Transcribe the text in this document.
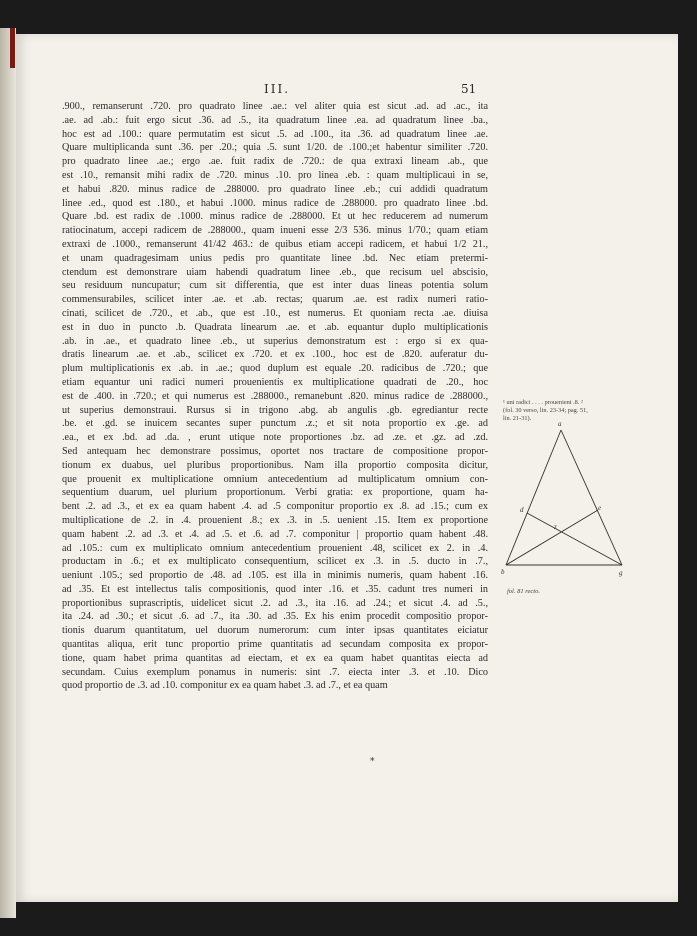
III.	51
.900., remanserunt .720. pro quadrato linee .ae.: vel aliter quia est sicut .ad. ad .ac., ita
.ae. ad .ab.: fuit ergo sicut .36. ad .5., ita quadratum linee .ea. ad quadratum linee .ba.,
hoc est ad .100.: quare permutatim est sicut .5. ad .100., ita .36. ad quadratum linee .ae.
Quare multiplicanda sunt .36. per .20.; quia .5. sunt 1/20. de .100.;et habentur similiter .720.
pro quadrato linee .ae.; ergo .ae. fuit radix de .720.: de qua extraxi lineam .ab., que
est .10., remansit mihi radix de .720. minus .10. pro linea .eb. : quam multiplicaui in se,
et habui .820. minus radice de .288000. pro quadrato linee .eb.; cui addidi quadratum
linee .ed., quod est .180., et habui .1000. minus radice de .288000. pro quadrato linee .bd.
Quare .bd. est radix de .1000. minus radice de .288000. Et ut hec reducerem ad numerum
ratiocinatum, accepi radicem de .288000., quam inueni esse 2/3 536. minus 1/70.; quam etiam
extraxi de .1000., remanserunt 41/42 463.: de quibus etiam accepi radicem, et habui 1/2 21.,
et unam quadragesimam unius pedis pro quantitate linee .bd. Nec etiam pretermi-
ctendum est demonstrare uiam habendi quadratum linee .eb., que recisum uel abscisio,
seu residuum nuncupatur; cum sit differentia, que est inter duas lineas potentia solum
commensurabiles, scilicet inter .ae. et .ab. rectas; quarum .ae. est radix numeri ratio-
cinati, scilicet de .720., et .ab., que est .10., est numerus. Et quoniam recta .ae. diuisa
est in duo in puncto .b. Quadrata linearum .ae. et .ab. equantur duplo multiplicationis
.ab. in .ae., et quadrato linee .eb., ut superius demonstratum est : ergo si ex qua-
dratis linearum .ae. et .ab., scilicet ex .720. et ex .100., hoc est de .820. auferatur du-
plum multiplicationis ex .ab. in .ae.; quod duplum est equale .20. radicibus de .720.; que
etiam equantur uni radici numeri prouenientis ex multiplicatione quadrati de .20., hoc
est de .400. in .720.; et qui numerus est .288000., remanebunt .820. minus radice de .288000.,
ut superius demonstraui. Rursus si in trigono .abg. ab angulis .gb. egrediantur recte
.be. et .gd. se inuicem secantes super punctum .z.; et sit nota proportio ex .ge. ad
.ea., et ex .bd. ad .da. , erunt utique note proportiones .bz. ad .ze. et .gz. ad .zd.
Sed antequam hec demonstrare possimus, oportet nos tractare de compositione propor-
tionum ex duabus, uel pluribus proportionibus. Nam illa proportio composita dicitur,
que prouenit ex multiplicatione omnium antecedentium ad multiplicatum omnium con-
sequentium duarum, uel plurium proportionum. Verbi gratia: ex proportione, quam ha-
bent .2. ad .3., et ex ea quam habent .4. ad .5 componitur proportio ex .8. ad .15.; cum ex
multiplicatione de .2. in .4. prouenient .8.; ex .3. in .5. uenient .15. Item ex proportione
quam habent .2. ad .3. et .4. ad .5. et .6. ad .7. componitur | proportio quam habent .48.
ad .105.: cum ex multiplicato omnium antecedentium prouenient .48, scilicet ex 2. in .4.
productam in .6.; et ex multiplicato consequentium, scilicet ex .3. in .5. ducto in .7.,
ueniunt .105.; sed proportio de .48. ad .105. est illa in minimis numeris, quam habent .16.
ad .35. Et est intellectus talis compositionis, quod inter .16. et .35. cadunt tres numeri in
proportionibus suprascriptis, uidelicet sicut .2. ad .3., ita .16. ad .24.; et sicut .4. ad .5.,
ita .24. ad .30.; et sicut .6. ad .7., ita .30. ad .35. Ex his enim procedit compositio propor-
tionis duarum quantitatum, uel duorum numerorum: cum inter ipsas quantitates eiciatur
quantitas aliqua, erit tunc proportio prime quantitatis ad secundam composita ex propor-
tione, quam habet prima quantitas ad eiectam, et ex ea quam habet quantitas eiecta ad
secundam. Cuius exemplum ponamus in numeris: sint .7. eiecta inter .3. et .10. Dico
quod proportio de .3. ad .10. componitur ex ea quam habet .3. ad .7., et ea quam
*
¹ uni radici . . . . prouenient .8. ²
(fol. 30 verso, lin. 23-34; pag. 51,
lin. 21-31).
a
b	g
d	e
z
fol. 81 recto.
